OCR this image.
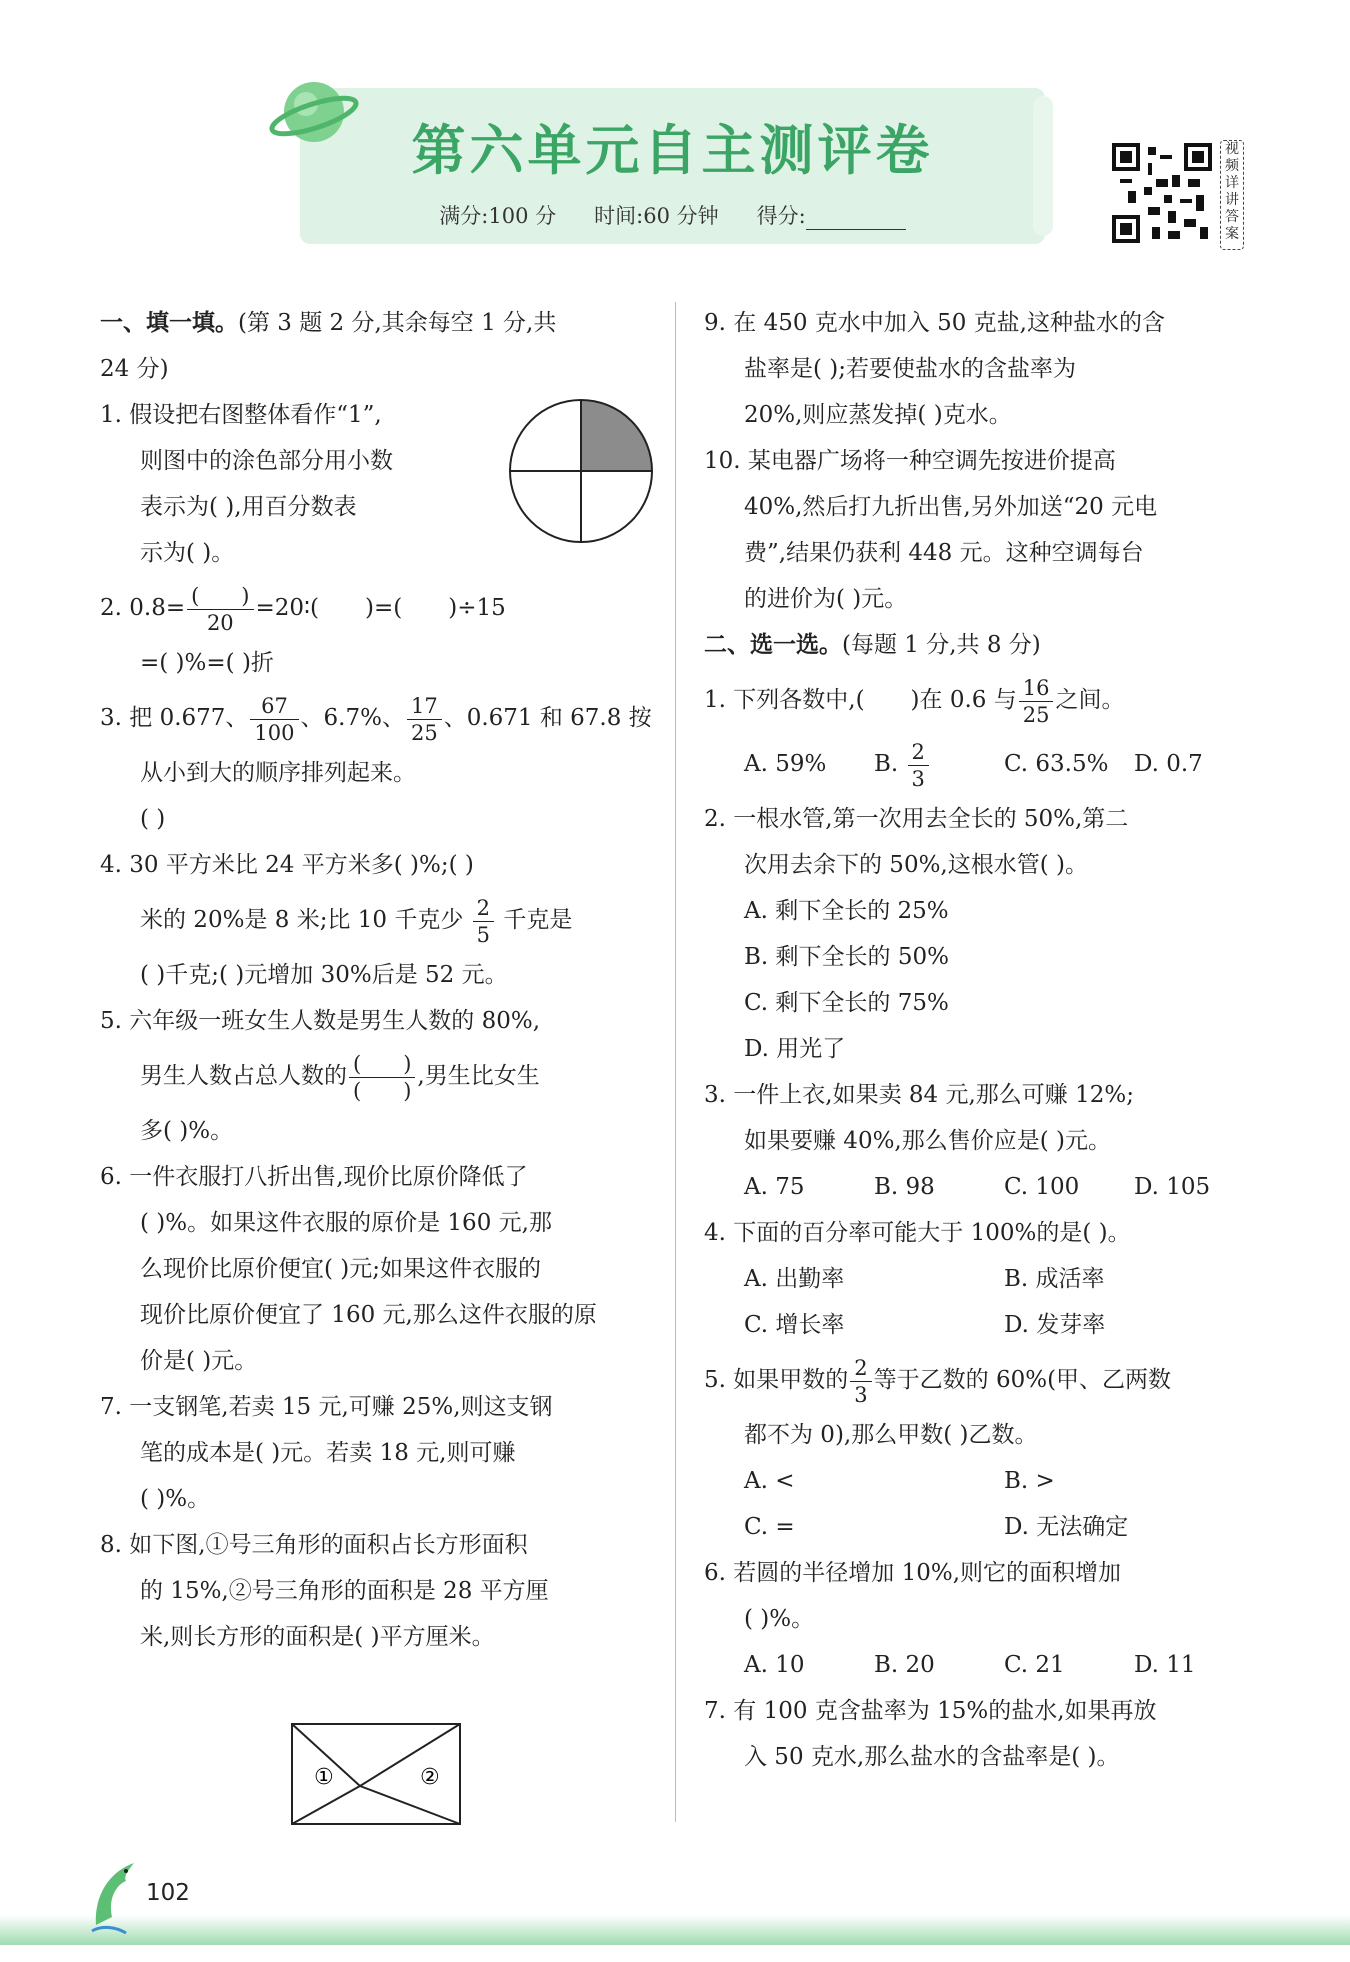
第六单元自主测评卷
满分:100 分 时间:60 分钟 得分:
视频详讲答案
一、填一填。(第 3 题 2 分,其余每空 1 分,共
24 分)
1. 假设把右图整体看作“1”,
则图中的涂色部分用小数
表示为( ),用百分数表
示为( )。
2. $0.8= \frac{( )}{20}$ =20∶(　　)=(　　)÷15
=( )%=( )折
3. 把 0.677、 $\frac{67}{100}$ 、6.7%、 $\frac{17}{25}$ 、0.671 和 67.8 按
从小到大的顺序排列起来。
( )
4. 30 平方米比 24 平方米多( )%;( )
米的 20%是 8 米;比 10 千克少 $\frac{2}{5}$ 千克是
( )千克;( )元增加 30%后是 52 元。
5. 六年级一班女生人数是男生人数的 80%,
男生人数占总人数的 $\frac{( )}{( )}$ ,男生比女生
多( )%。
6. 一件衣服打八折出售,现价比原价降低了
( )%。如果这件衣服的原价是 160 元,那
么现价比原价便宜( )元;如果这件衣服的
现价比原价便宜了 160 元,那么这件衣服的原
价是( )元。
7. 一支钢笔,若卖 15 元,可赚 25%,则这支钢
笔的成本是( )元。若卖 18 元,则可赚
( )%。
8. 如下图,①号三角形的面积占长方形面积
的 15%,②号三角形的面积是 28 平方厘
米,则长方形的面积是( )平方厘米。
①	②
9. 在 450 克水中加入 50 克盐,这种盐水的含
盐率是( );若要使盐水的含盐率为
20%,则应蒸发掉( )克水。
10. 某电器广场将一种空调先按进价提高
40%,然后打九折出售,另外加送“20 元电
费”,结果仍获利 448 元。这种空调每台
的进价为( )元。
二、选一选。(每题 1 分,共 8 分)
1. 下列各数中,(　　)在 0.6 与 $\frac{16}{25}$ 之间。
A. 59%	B. $\frac{2}{3}$	C. 63.5%	D. 0.7
2. 一根水管,第一次用去全长的 50%,第二
次用去余下的 50%,这根水管( )。
A. 剩下全长的 25%
B. 剩下全长的 50%
C. 剩下全长的 75%
D. 用光了
3. 一件上衣,如果卖 84 元,那么可赚 12%;
如果要赚 40%,那么售价应是( )元。
A. 75	B. 98	C. 100	D. 105
4. 下面的百分率可能大于 100%的是( )。
A. 出勤率	B. 成活率
C. 增长率	D. 发芽率
5. 如果甲数的 $\frac{2}{3}$ 等于乙数的 60%(甲、乙两数
都不为 0),那么甲数( )乙数。
A. <	B. >
C. =	D. 无法确定
6. 若圆的半径增加 10%,则它的面积增加
( )%。
A. 10	B. 20	C. 21	D. 11
7. 有 100 克含盐率为 15%的盐水,如果再放
入 50 克水,那么盐水的含盐率是( )。
102
